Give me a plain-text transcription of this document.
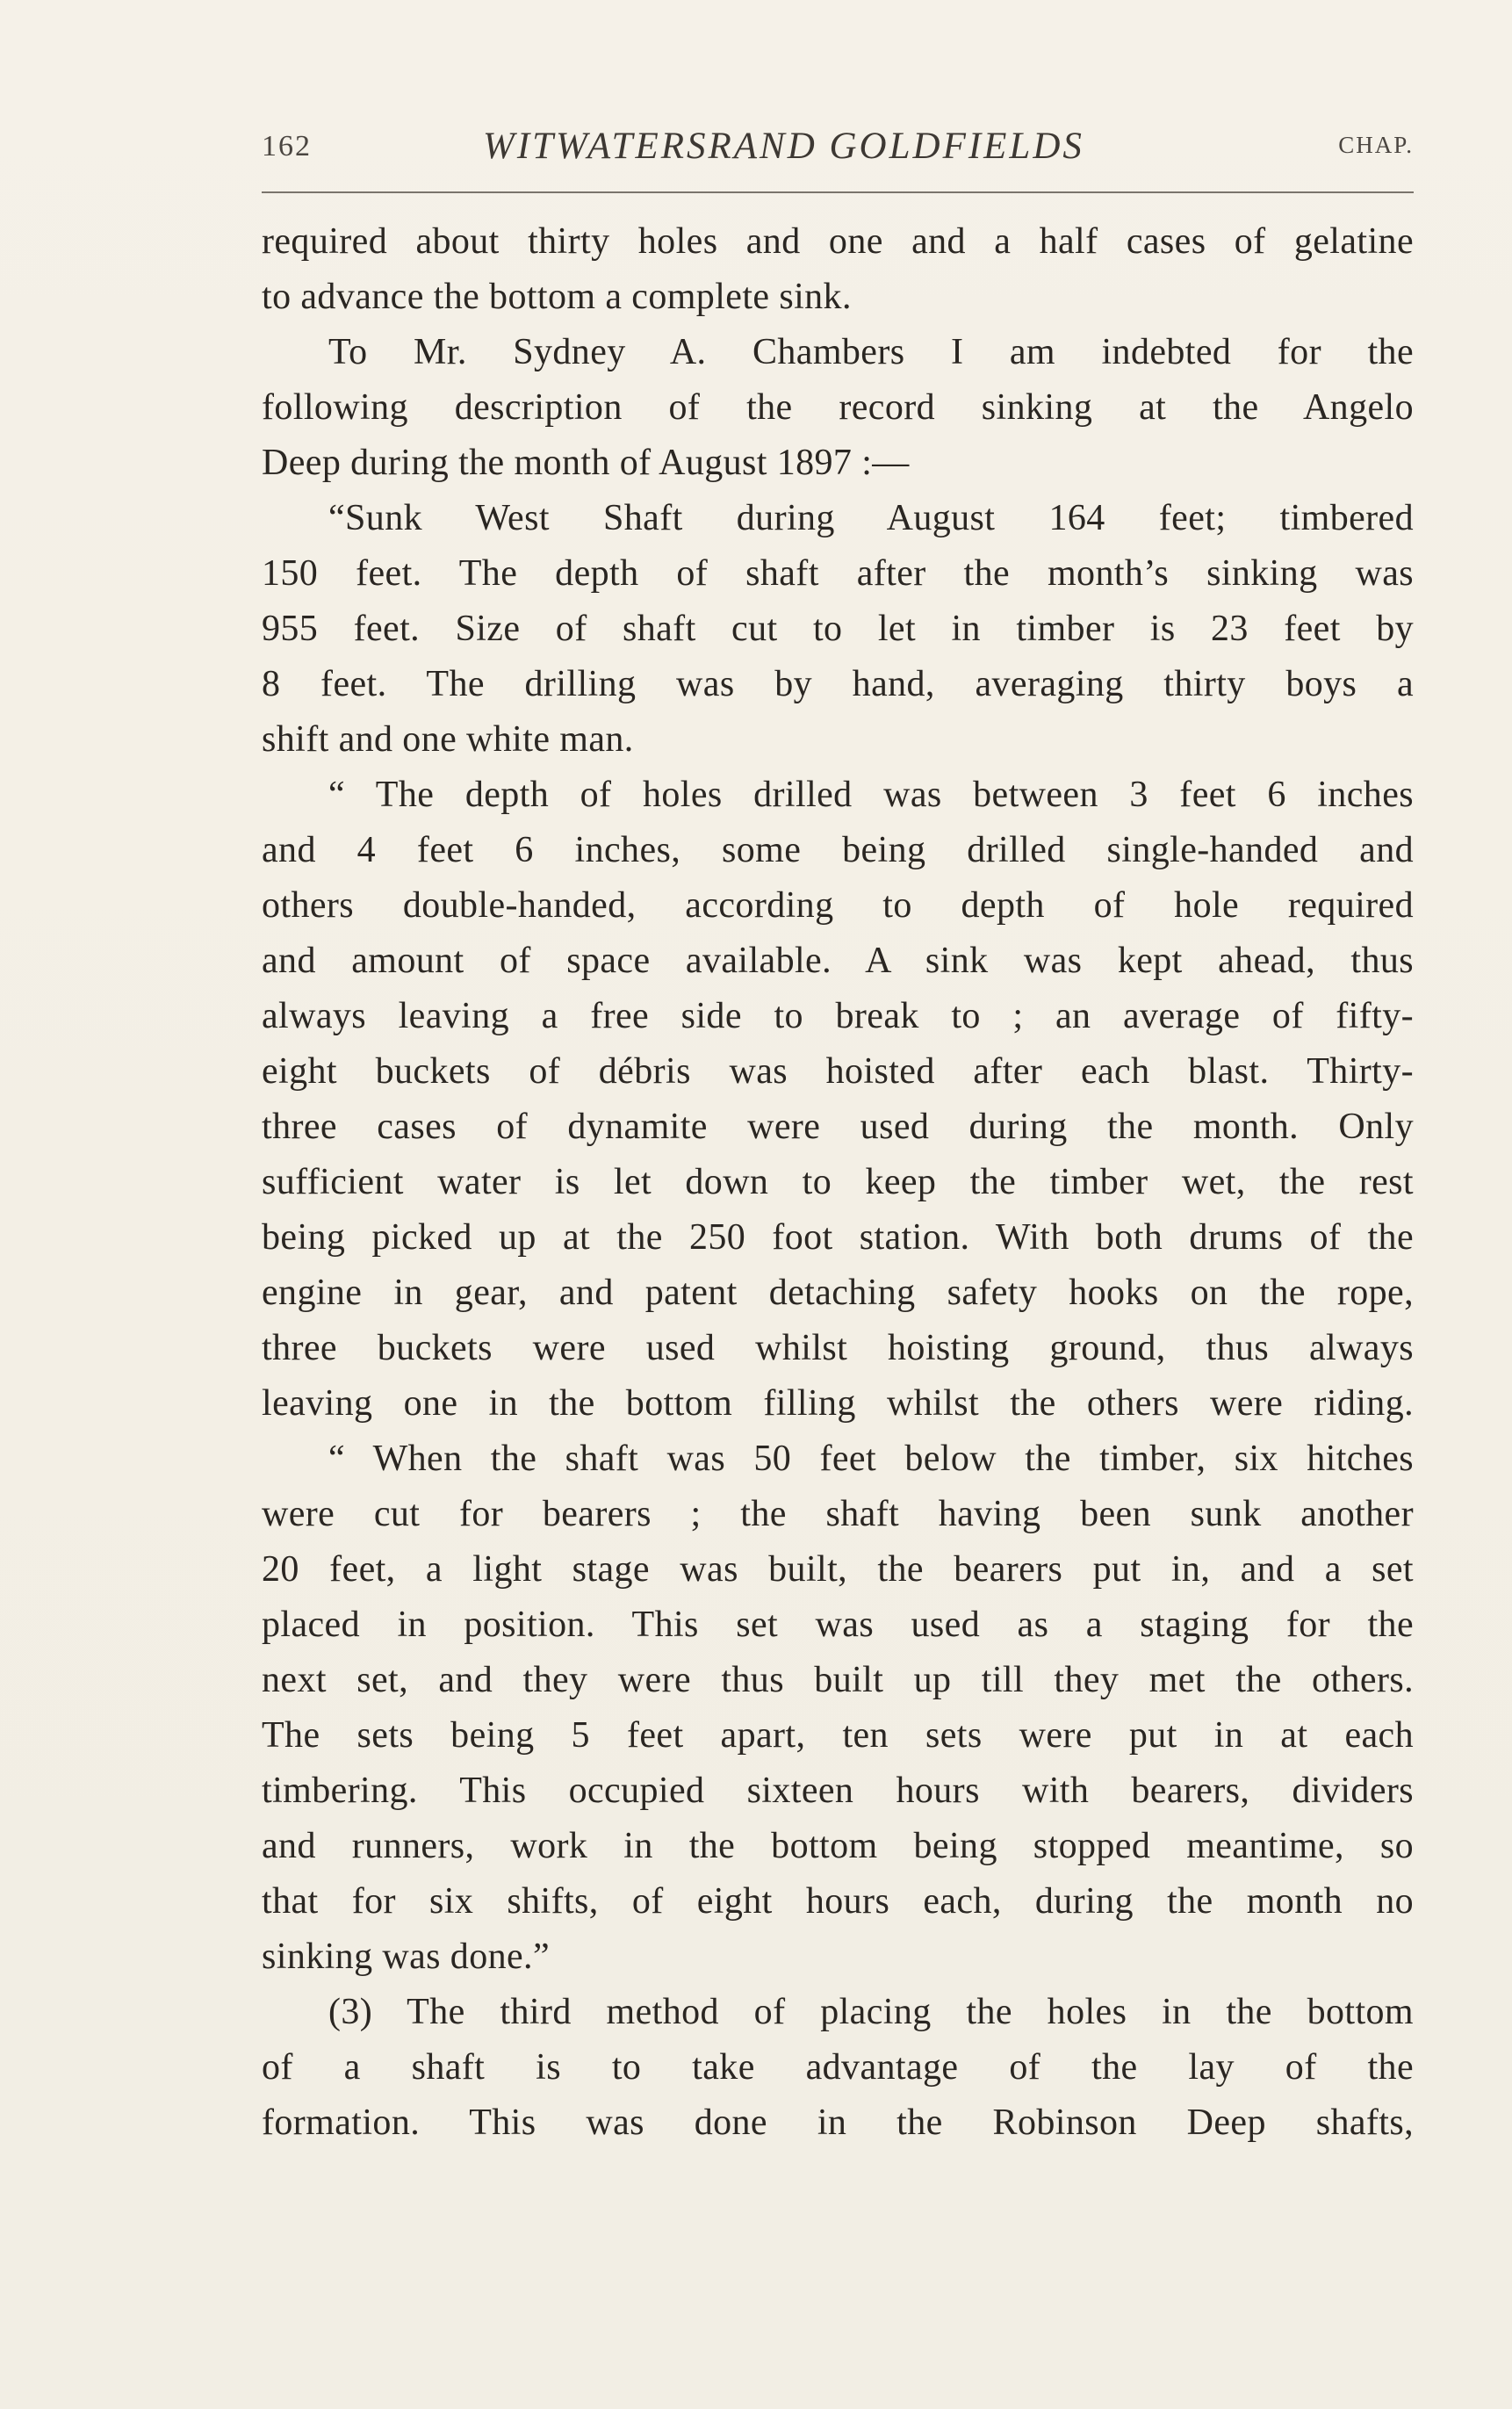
162	WITWATERSRAND GOLDFIELDS	CHAP.
required about thirty holes and one and a half cases of gelatine
to advance the bottom a complete sink.
To Mr. Sydney A. Chambers I am indebted for the
following description of the record sinking at the Angelo
Deep during the month of August 1897 :—
“Sunk West Shaft during August 164 feet; timbered
150 feet. The depth of shaft after the month’s sinking was
955 feet. Size of shaft cut to let in timber is 23 feet by
8 feet. The drilling was by hand, averaging thirty boys a
shift and one white man.
“ The depth of holes drilled was between 3 feet 6 inches
and 4 feet 6 inches, some being drilled single-handed and
others double-handed, according to depth of hole required
and amount of space available. A sink was kept ahead, thus
always leaving a free side to break to ; an average of fifty-
eight buckets of débris was hoisted after each blast. Thirty-
three cases of dynamite were used during the month. Only
sufficient water is let down to keep the timber wet, the rest
being picked up at the 250 foot station. With both drums of the
engine in gear, and patent detaching safety hooks on the rope,
three buckets were used whilst hoisting ground, thus always
leaving one in the bottom filling whilst the others were riding.
“ When the shaft was 50 feet below the timber, six hitches
were cut for bearers ; the shaft having been sunk another
20 feet, a light stage was built, the bearers put in, and a set
placed in position. This set was used as a staging for the
next set, and they were thus built up till they met the others.
The sets being 5 feet apart, ten sets were put in at each
timbering. This occupied sixteen hours with bearers, dividers
and runners, work in the bottom being stopped meantime, so
that for six shifts, of eight hours each, during the month no
sinking was done.”
(3) The third method of placing the holes in the bottom
of a shaft is to take advantage of the lay of the
formation. This was done in the Robinson Deep shafts,
